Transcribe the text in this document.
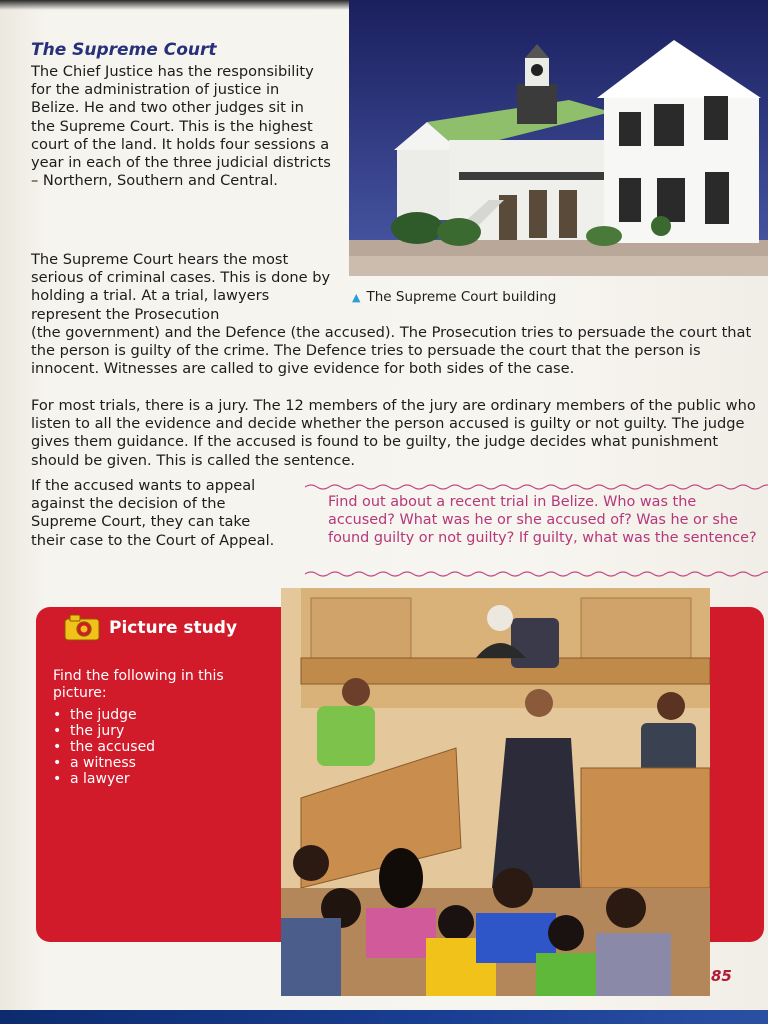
The Supreme Court

The Chief Justice has the responsibility for the administration of justice in Belize. He and two other judges sit in the Supreme Court. This is the highest court of the land. It holds four sessions a year in each of the three judicial districts – Northern, Southern and Central.

The Supreme Court hears the most serious of criminal cases. This is done by holding a trial. At a trial, lawyers represent the Prosecution

(the government) and the Defence (the accused). The Prosecution tries to persuade the court that the person is guilty of the crime. The Defence tries to persuade the court that the person is innocent. Witnesses are called to give evidence for both sides of the case.

For most trials, there is a jury. The 12 members of the jury are ordinary members of the public who listen to all the evidence and decide whether the person accused is guilty or not guilty. The judge gives them guidance. If the accused is found to be guilty, the judge decides what punishment should be given. This is called the sentence.

If the accused wants to appeal against the decision of the Supreme Court, they can take their case to the Court of Appeal.

▲ The Supreme Court building
Find out about a recent trial in Belize. Who was the accused? What was he or she accused of? Was he or she found guilty or not guilty? If guilty, what was the sentence?
Picture study
Find the following in this picture:
• the judge
• the jury
• the accused
• a witness
• a lawyer
85
